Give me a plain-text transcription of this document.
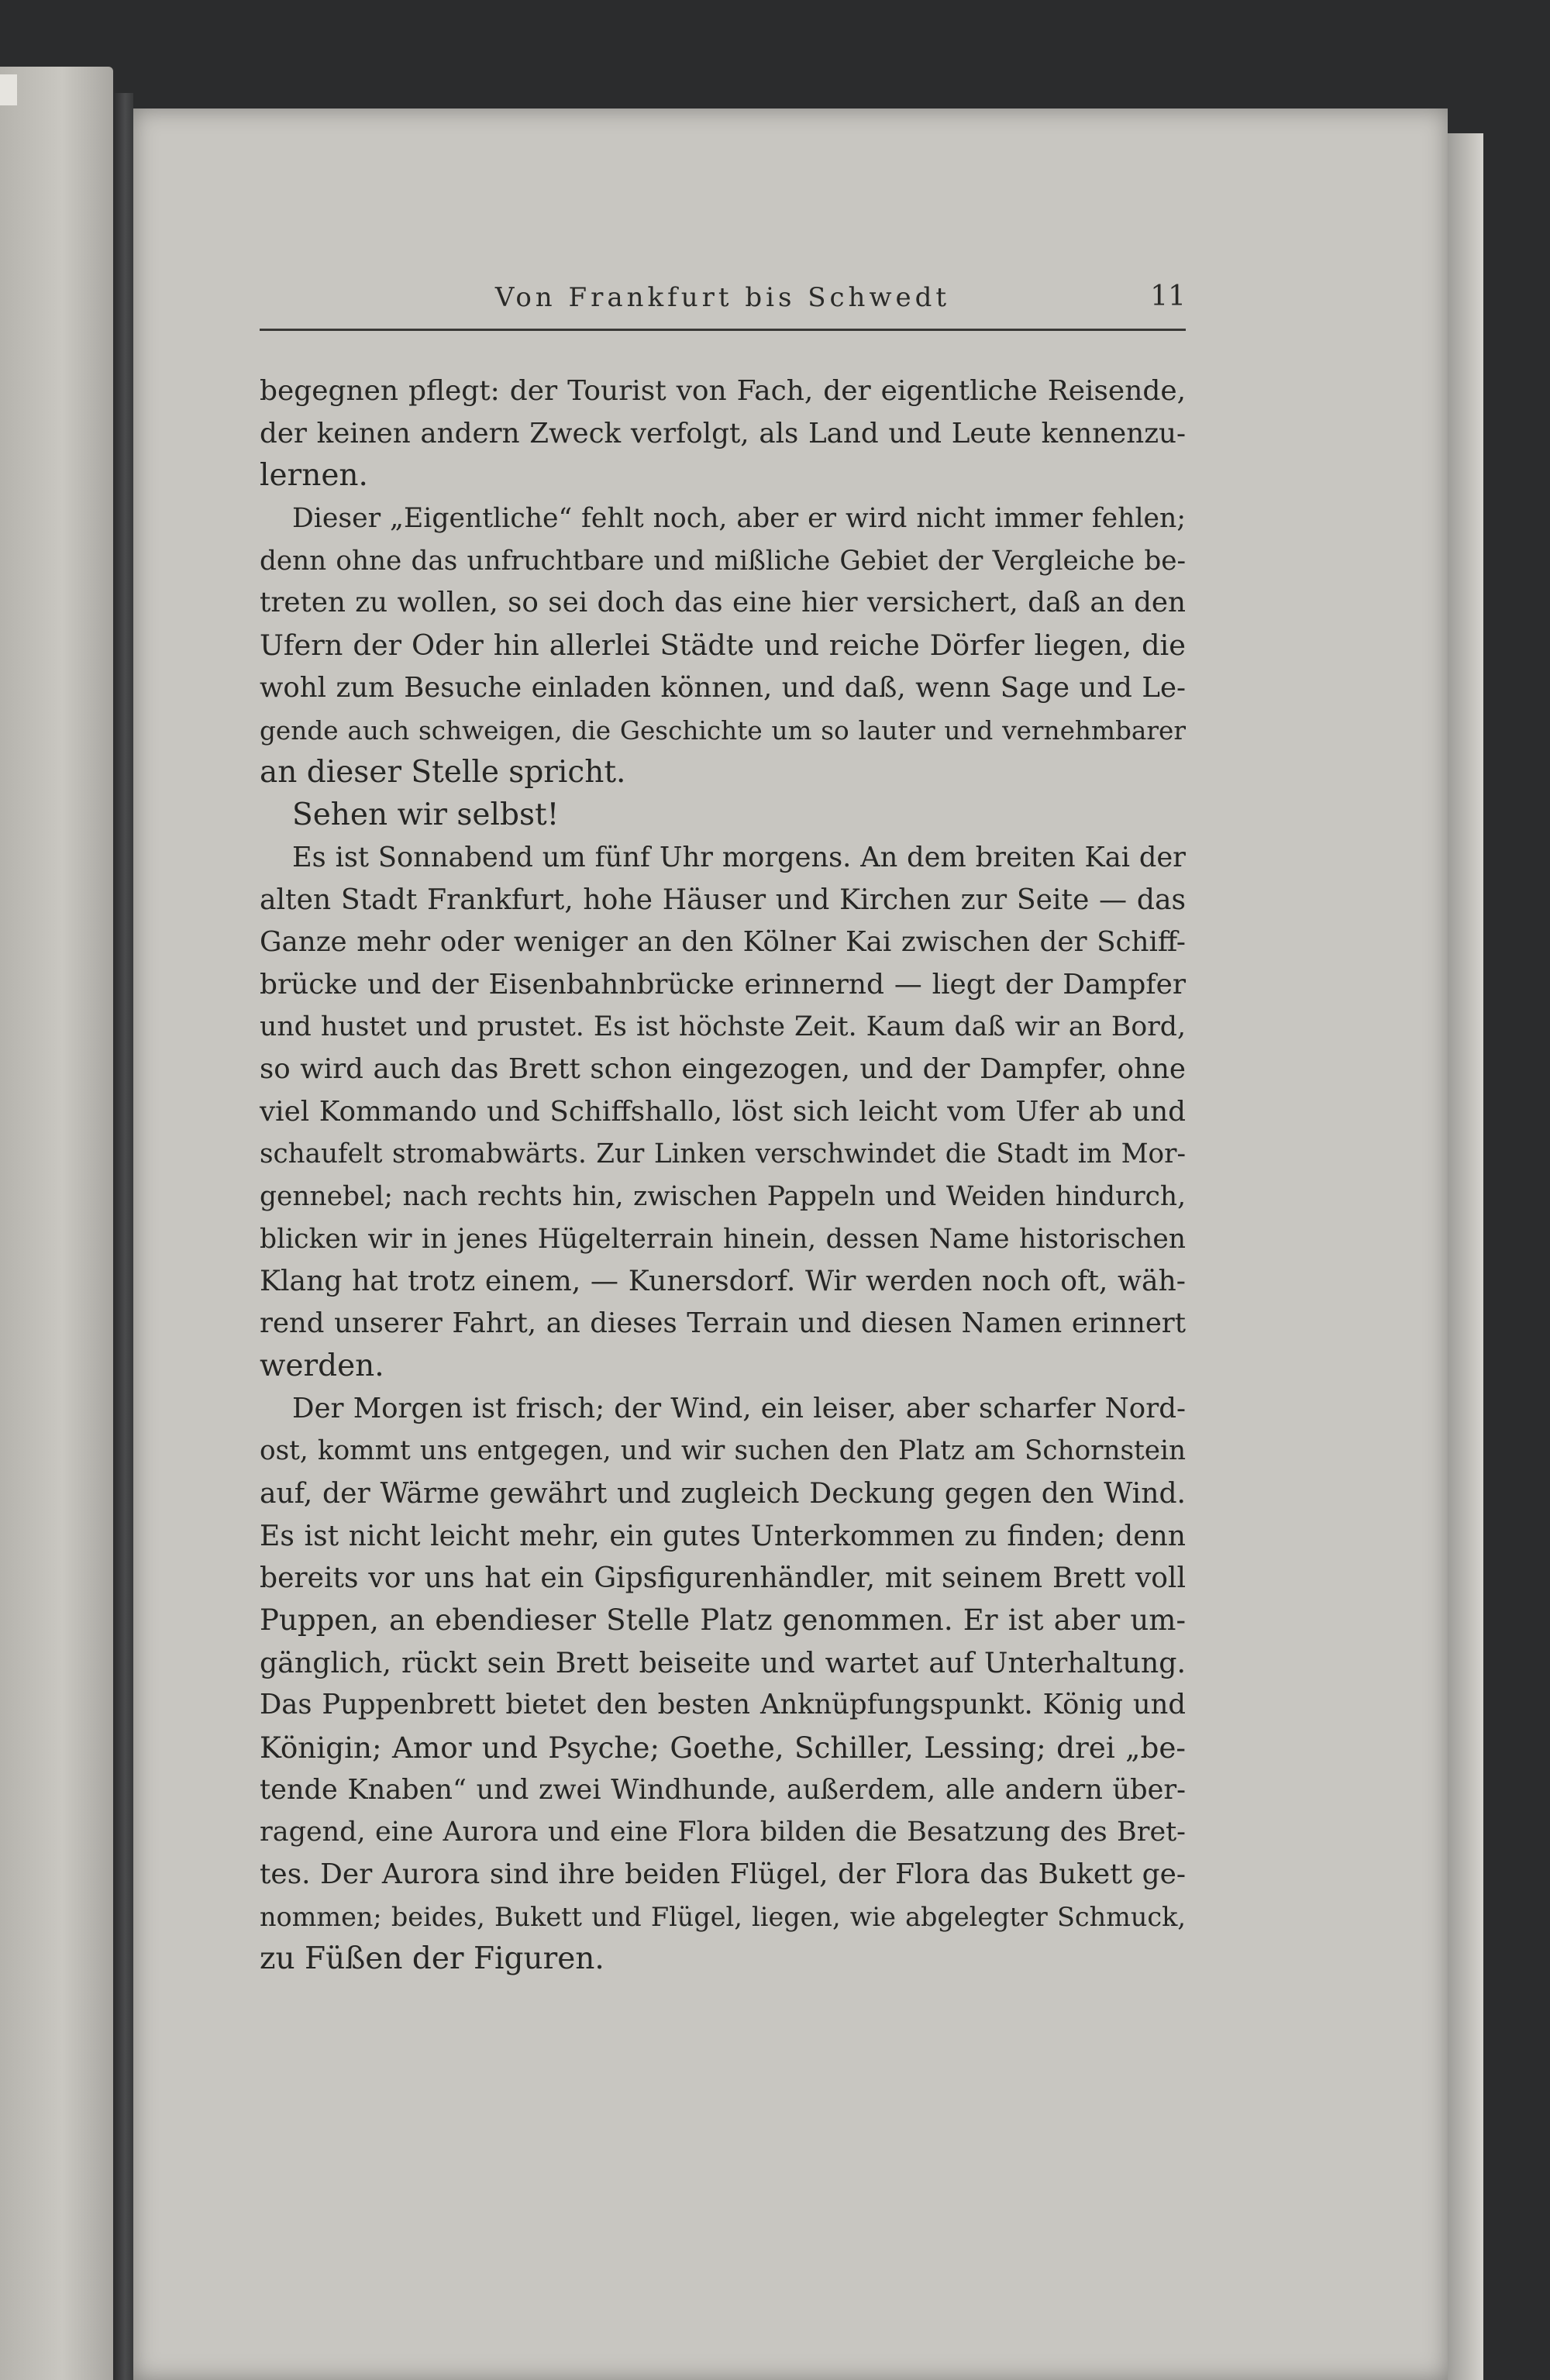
Von Frankfurt bis Schwedt	11
begegnen pflegt: der Tourist von Fach, der eigentliche Reisende,
der keinen andern Zweck verfolgt, als Land und Leute kennenzu-
lernen.
Dieser „Eigentliche“ fehlt noch, aber er wird nicht immer fehlen;
denn ohne das unfruchtbare und mißliche Gebiet der Vergleiche be-
treten zu wollen, so sei doch das eine hier versichert, daß an den
Ufern der Oder hin allerlei Städte und reiche Dörfer liegen, die
wohl zum Besuche einladen können, und daß, wenn Sage und Le-
gende auch schweigen, die Geschichte um so lauter und vernehmbarer
an dieser Stelle spricht.
Sehen wir selbst!
Es ist Sonnabend um fünf Uhr morgens. An dem breiten Kai der
alten Stadt Frankfurt, hohe Häuser und Kirchen zur Seite — das
Ganze mehr oder weniger an den Kölner Kai zwischen der Schiff-
brücke und der Eisenbahnbrücke erinnernd — liegt der Dampfer
und hustet und prustet. Es ist höchste Zeit. Kaum daß wir an Bord,
so wird auch das Brett schon eingezogen, und der Dampfer, ohne
viel Kommando und Schiffshallo, löst sich leicht vom Ufer ab und
schaufelt stromabwärts. Zur Linken verschwindet die Stadt im Mor-
gennebel; nach rechts hin, zwischen Pappeln und Weiden hindurch,
blicken wir in jenes Hügelterrain hinein, dessen Name historischen
Klang hat trotz einem, — Kunersdorf. Wir werden noch oft, wäh-
rend unserer Fahrt, an dieses Terrain und diesen Namen erinnert
werden.
Der Morgen ist frisch; der Wind, ein leiser, aber scharfer Nord-
ost, kommt uns entgegen, und wir suchen den Platz am Schornstein
auf, der Wärme gewährt und zugleich Deckung gegen den Wind.
Es ist nicht leicht mehr, ein gutes Unterkommen zu finden; denn
bereits vor uns hat ein Gipsfigurenhändler, mit seinem Brett voll
Puppen, an ebendieser Stelle Platz genommen. Er ist aber um-
gänglich, rückt sein Brett beiseite und wartet auf Unterhaltung.
Das Puppenbrett bietet den besten Anknüpfungspunkt. König und
Königin; Amor und Psyche; Goethe, Schiller, Lessing; drei „be-
tende Knaben“ und zwei Windhunde, außerdem, alle andern über-
ragend, eine Aurora und eine Flora bilden die Besatzung des Bret-
tes. Der Aurora sind ihre beiden Flügel, der Flora das Bukett ge-
nommen; beides, Bukett und Flügel, liegen, wie abgelegter Schmuck,
zu Füßen der Figuren.
